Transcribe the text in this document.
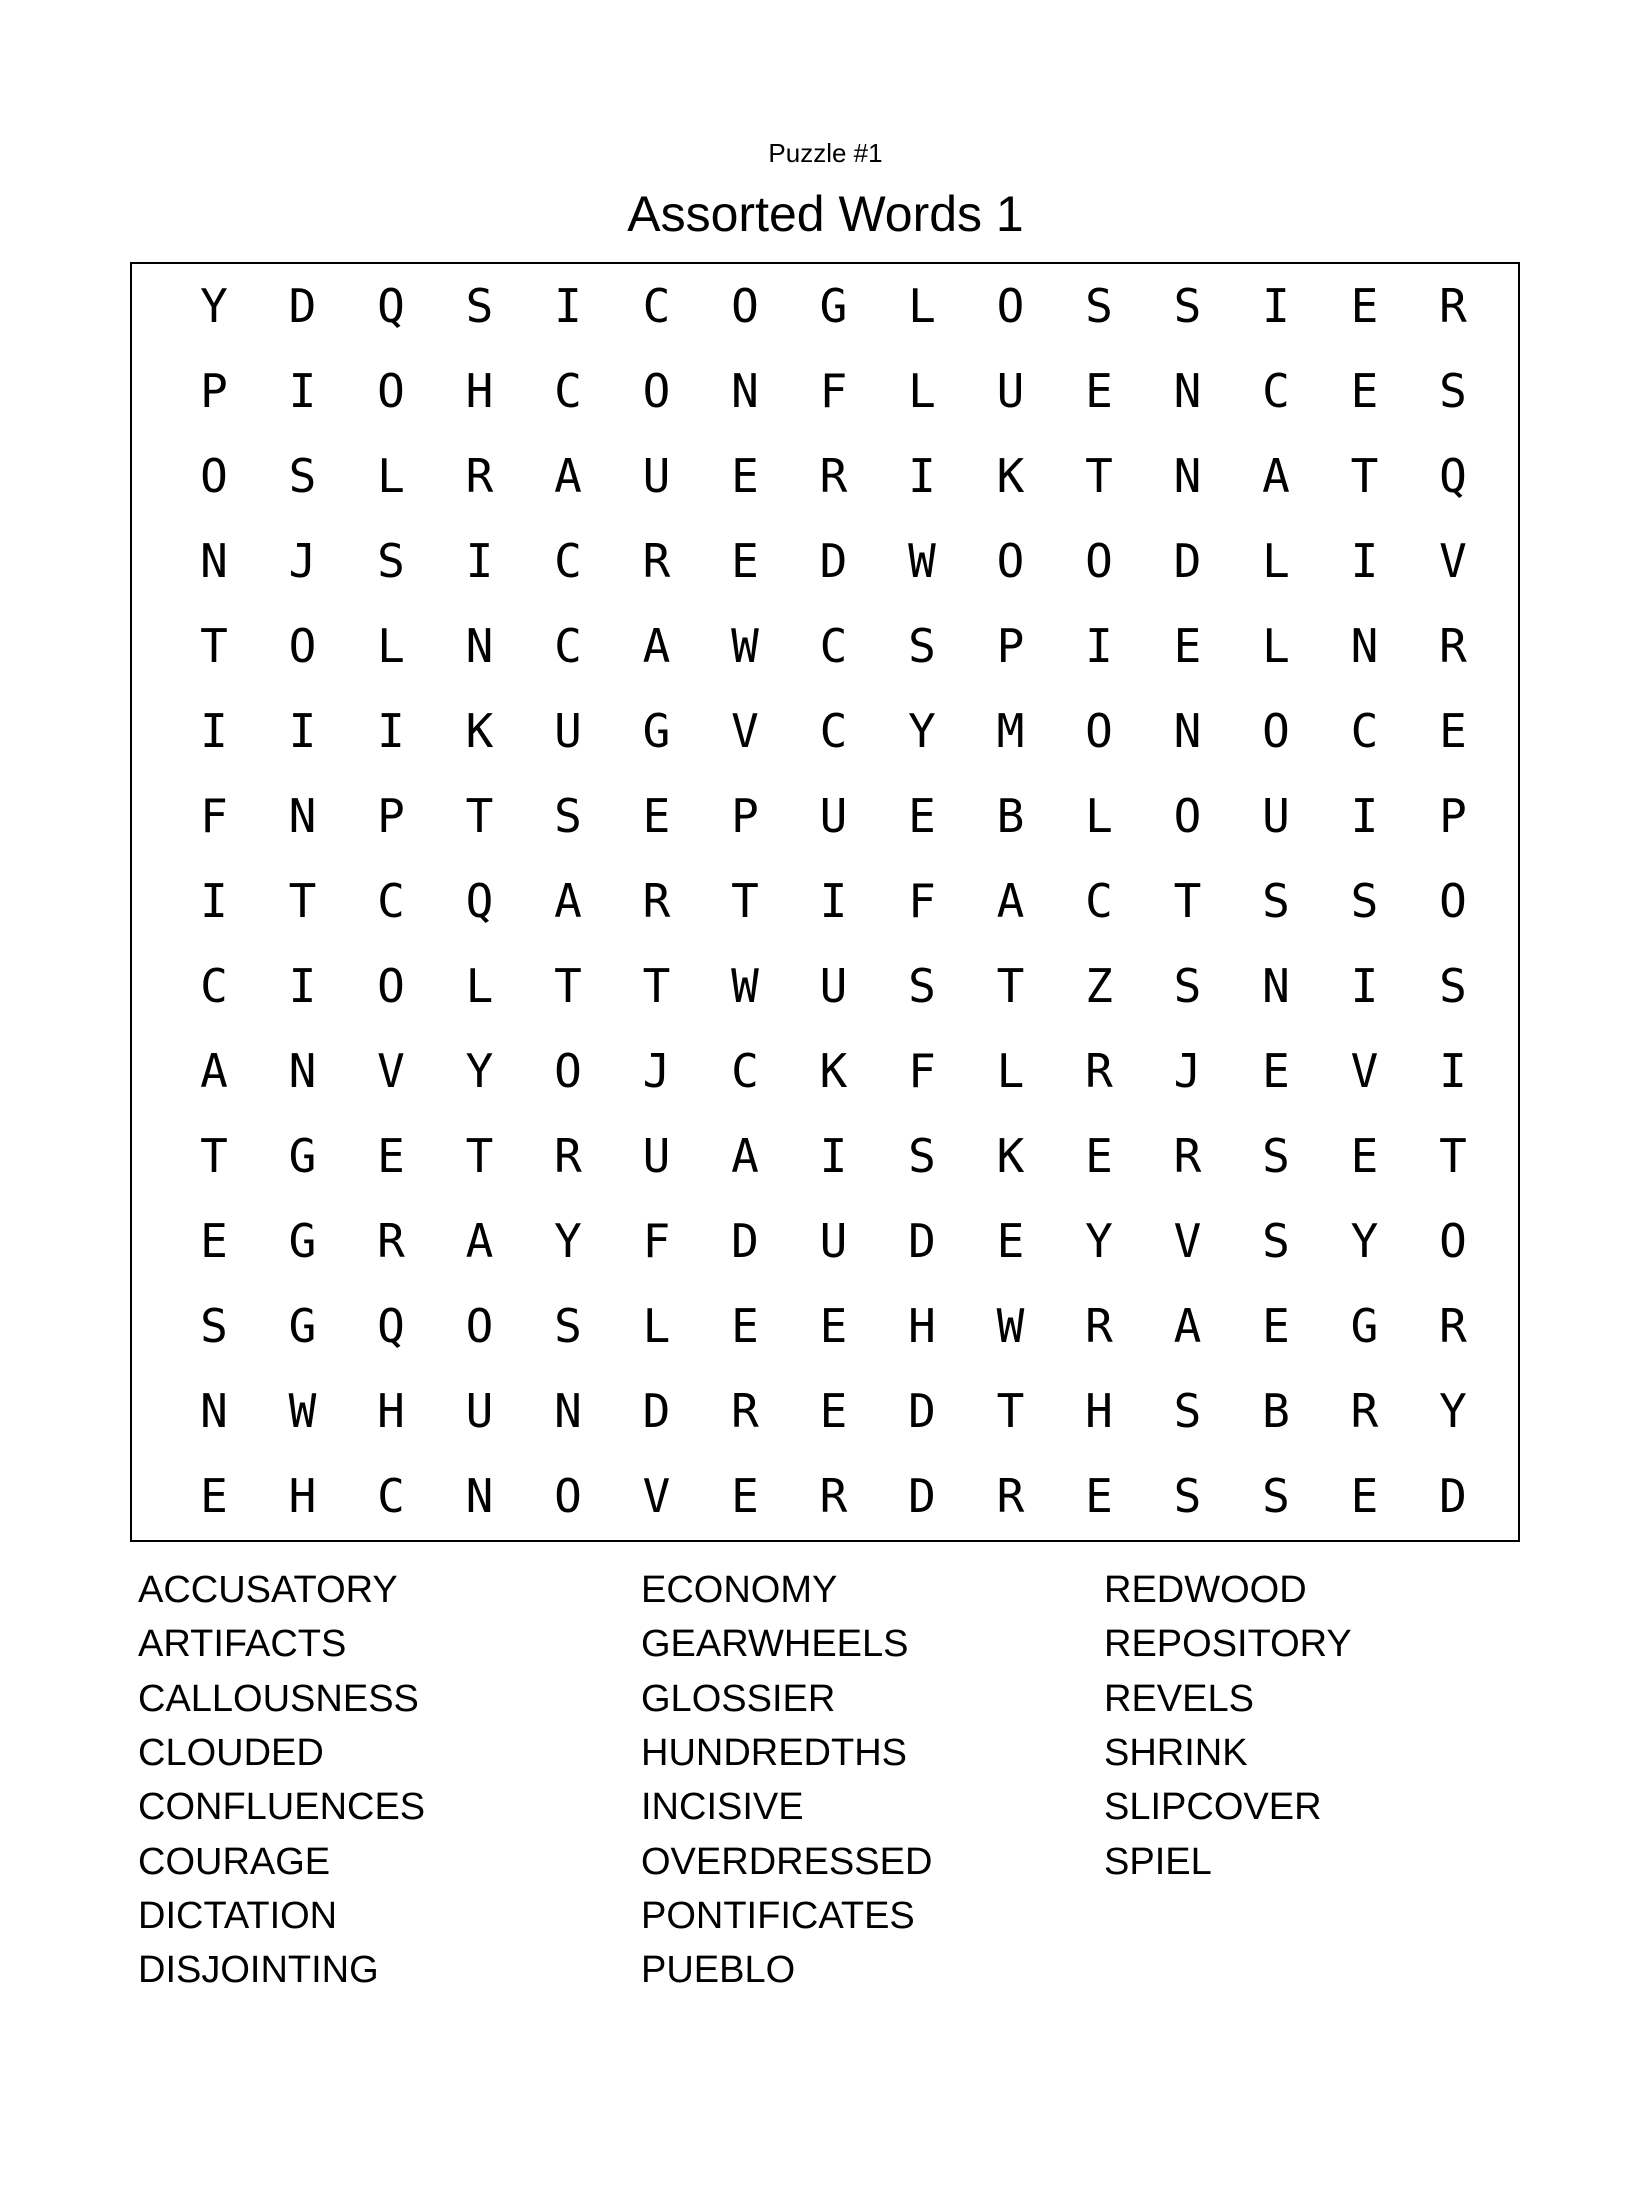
Puzzle #1
Assorted Words 1
Y	D	Q	S	I	C	O	G	L	O	S	S	I	E	R
P	I	O	H	C	O	N	F	L	U	E	N	C	E	S
O	S	L	R	A	U	E	R	I	K	T	N	A	T	Q
N	J	S	I	C	R	E	D	W	O	O	D	L	I	V
T	O	L	N	C	A	W	C	S	P	I	E	L	N	R
I	I	I	K	U	G	V	C	Y	M	O	N	O	C	E
F	N	P	T	S	E	P	U	E	B	L	O	U	I	P
I	T	C	Q	A	R	T	I	F	A	C	T	S	S	O
C	I	O	L	T	T	W	U	S	T	Z	S	N	I	S
A	N	V	Y	O	J	C	K	F	L	R	J	E	V	I
T	G	E	T	R	U	A	I	S	K	E	R	S	E	T
E	G	R	A	Y	F	D	U	D	E	Y	V	S	Y	O
S	G	Q	O	S	L	E	E	H	W	R	A	E	G	R
N	W	H	U	N	D	R	E	D	T	H	S	B	R	Y
E	H	C	N	O	V	E	R	D	R	E	S	S	E	D
ACCUSATORY
ARTIFACTS
CALLOUSNESS
CLOUDED
CONFLUENCES
COURAGE
DICTATION
DISJOINTING
ECONOMY
GEARWHEELS
GLOSSIER
HUNDREDTHS
INCISIVE
OVERDRESSED
PONTIFICATES
PUEBLO
REDWOOD
REPOSITORY
REVELS
SHRINK
SLIPCOVER
SPIEL
